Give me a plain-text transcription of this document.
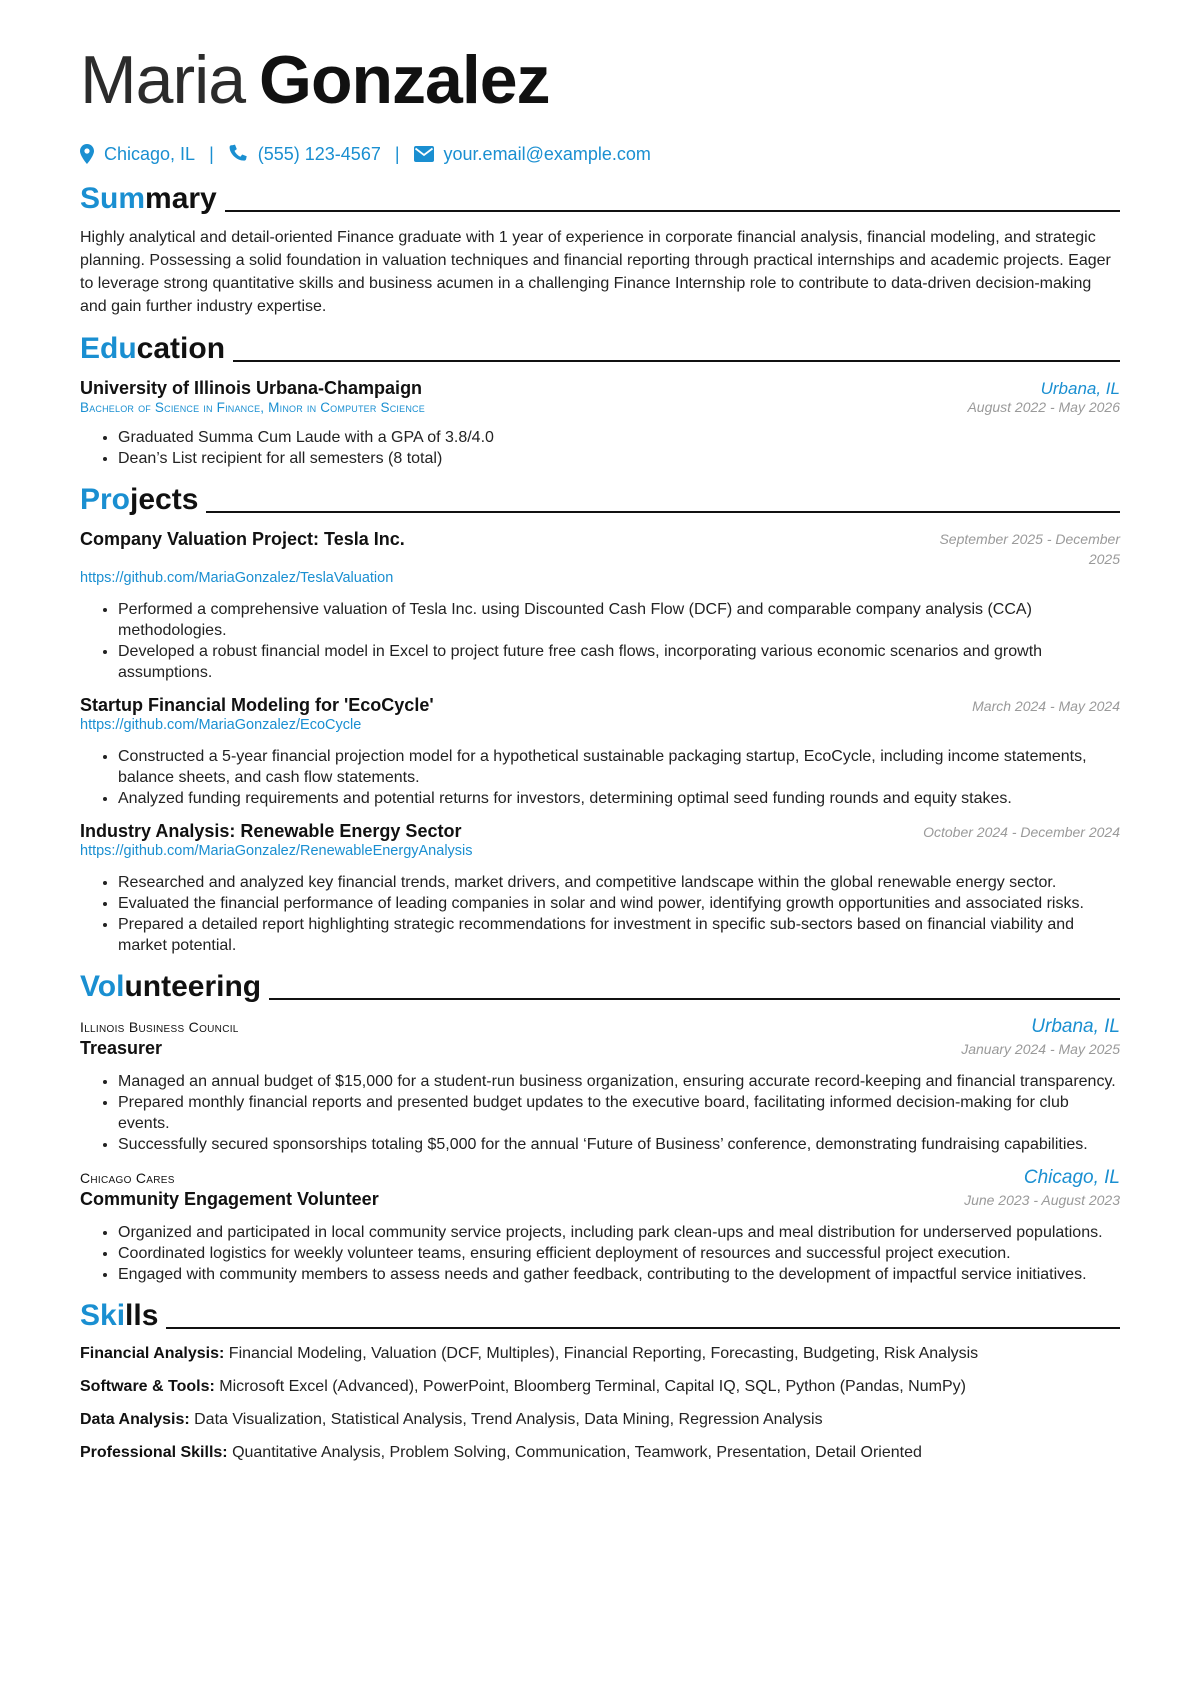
Maria Gonzalez
Chicago, IL | (555) 123-4567 | your.email@example.com
Summary

Highly analytical and detail-oriented Finance graduate with 1 year of experience in corporate financial analysis, financial modeling, and strategic planning. Possessing a solid foundation in valuation techniques and financial reporting through practical internships and academic projects. Eager to leverage strong quantitative skills and business acumen in a challenging Finance Internship role to contribute to data-driven decision-making and gain further industry expertise.

Education
University of Illinois Urbana-Champaign	Urbana, IL
Bachelor of Science in Finance, Minor in Computer Science	August 2022 - May 2026
• Graduated Summa Cum Laude with a GPA of 3.8/4.0
• Dean’s List recipient for all semesters (8 total)
Projects
Company Valuation Project: Tesla Inc.	September 2025 - December 2025
https://github.com/MariaGonzalez/TeslaValuation
• Performed a comprehensive valuation of Tesla Inc. using Discounted Cash Flow (DCF) and comparable company analysis (CCA) methodologies.
• Developed a robust financial model in Excel to project future free cash flows, incorporating various economic scenarios and growth assumptions.
Startup Financial Modeling for 'EcoCycle'	March 2024 - May 2024
https://github.com/MariaGonzalez/EcoCycle
• Constructed a 5-year financial projection model for a hypothetical sustainable packaging startup, EcoCycle, including income statements, balance sheets, and cash flow statements.
• Analyzed funding requirements and potential returns for investors, determining optimal seed funding rounds and equity stakes.
Industry Analysis: Renewable Energy Sector	October 2024 - December 2024
https://github.com/MariaGonzalez/RenewableEnergyAnalysis
• Researched and analyzed key financial trends, market drivers, and competitive landscape within the global renewable energy sector.
• Evaluated the financial performance of leading companies in solar and wind power, identifying growth opportunities and associated risks.
• Prepared a detailed report highlighting strategic recommendations for investment in specific sub-sectors based on financial viability and market potential.
Volunteering
Illinois Business Council	Urbana, IL
Treasurer	January 2024 - May 2025
• Managed an annual budget of $15,000 for a student-run business organization, ensuring accurate record-keeping and financial transparency.
• Prepared monthly financial reports and presented budget updates to the executive board, facilitating informed decision-making for club events.
• Successfully secured sponsorships totaling $5,000 for the annual ‘Future of Business’ conference, demonstrating fundraising capabilities.
Chicago Cares	Chicago, IL
Community Engagement Volunteer	June 2023 - August 2023
• Organized and participated in local community service projects, including park clean-ups and meal distribution for underserved populations.
• Coordinated logistics for weekly volunteer teams, ensuring efficient deployment of resources and successful project execution.
• Engaged with community members to assess needs and gather feedback, contributing to the development of impactful service initiatives.
Skills
Financial Analysis: Financial Modeling, Valuation (DCF, Multiples), Financial Reporting, Forecasting, Budgeting, Risk Analysis
Software & Tools: Microsoft Excel (Advanced), PowerPoint, Bloomberg Terminal, Capital IQ, SQL, Python (Pandas, NumPy)
Data Analysis: Data Visualization, Statistical Analysis, Trend Analysis, Data Mining, Regression Analysis
Professional Skills: Quantitative Analysis, Problem Solving, Communication, Teamwork, Presentation, Detail Oriented
